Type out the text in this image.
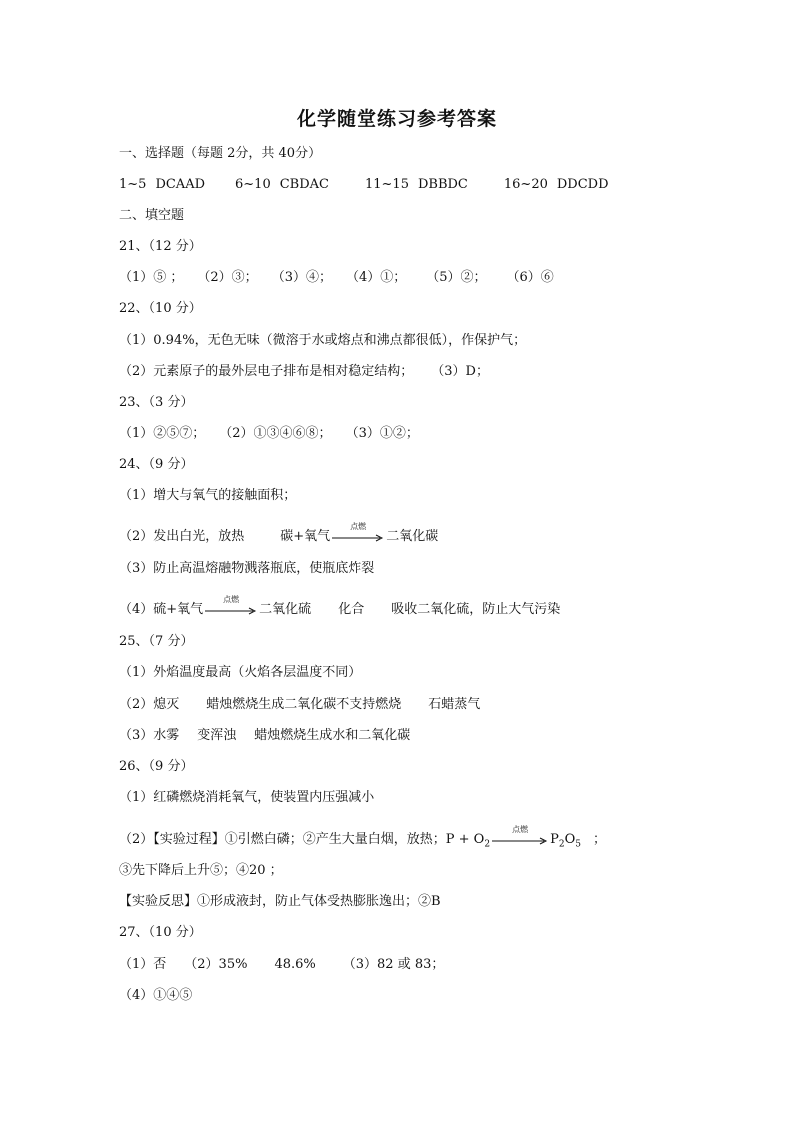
化学随堂练习参考答案
一、选择题（每题 2分，共 40分）
1~5 DCAAD 6~10 CBDAC	11~15 DBBDC	16~20 DDCDD
二、填空题
21、（12 分）
（1）⑤ ； （2）③； （3）④； （4）①； （5）②； （6）⑥
22、（10 分）
（1）0.94%，无色无味（微溶于水或熔点和沸点都很低），作保护气；
（2）元素原子的最外层电子排布是相对稳定结构； （3）D；
23、（3 分）
（1）②⑤⑦； （2）①③④⑥⑧； （3）①②；
24、（9 分）
（1）增大与氧气的接触面积；
（2）发出白光，放热	碳+氧气
点燃
二氧化碳
（3）防止高温熔融物溅落瓶底，使瓶底炸裂
（4）硫+氧气
点燃
二氧化硫 化合 吸收二氧化硫，防止大气污染
25、（7 分）
（1）外焰温度最高（火焰各层温度不同）
（2）熄灭 蜡烛燃烧生成二氧化碳不支持燃烧 石蜡蒸气
（3）水雾 变浑浊 蜡烛燃烧生成水和二氧化碳
26、（9 分）
（1）红磷燃烧消耗氧气，使装置内压强减小
（2）【实验过程】①引燃白磷；②产生大量白烟，放热；$P + O_2$
点燃
$P_2O_5$ ；
③先下降后上升⑤；④20 ；
【实验反思】①形成液封，防止气体受热膨胀逸出；②B
27、（10 分）
（1）否 （2）35% 48.6% （3）82 或 83；
（4）①④⑤
